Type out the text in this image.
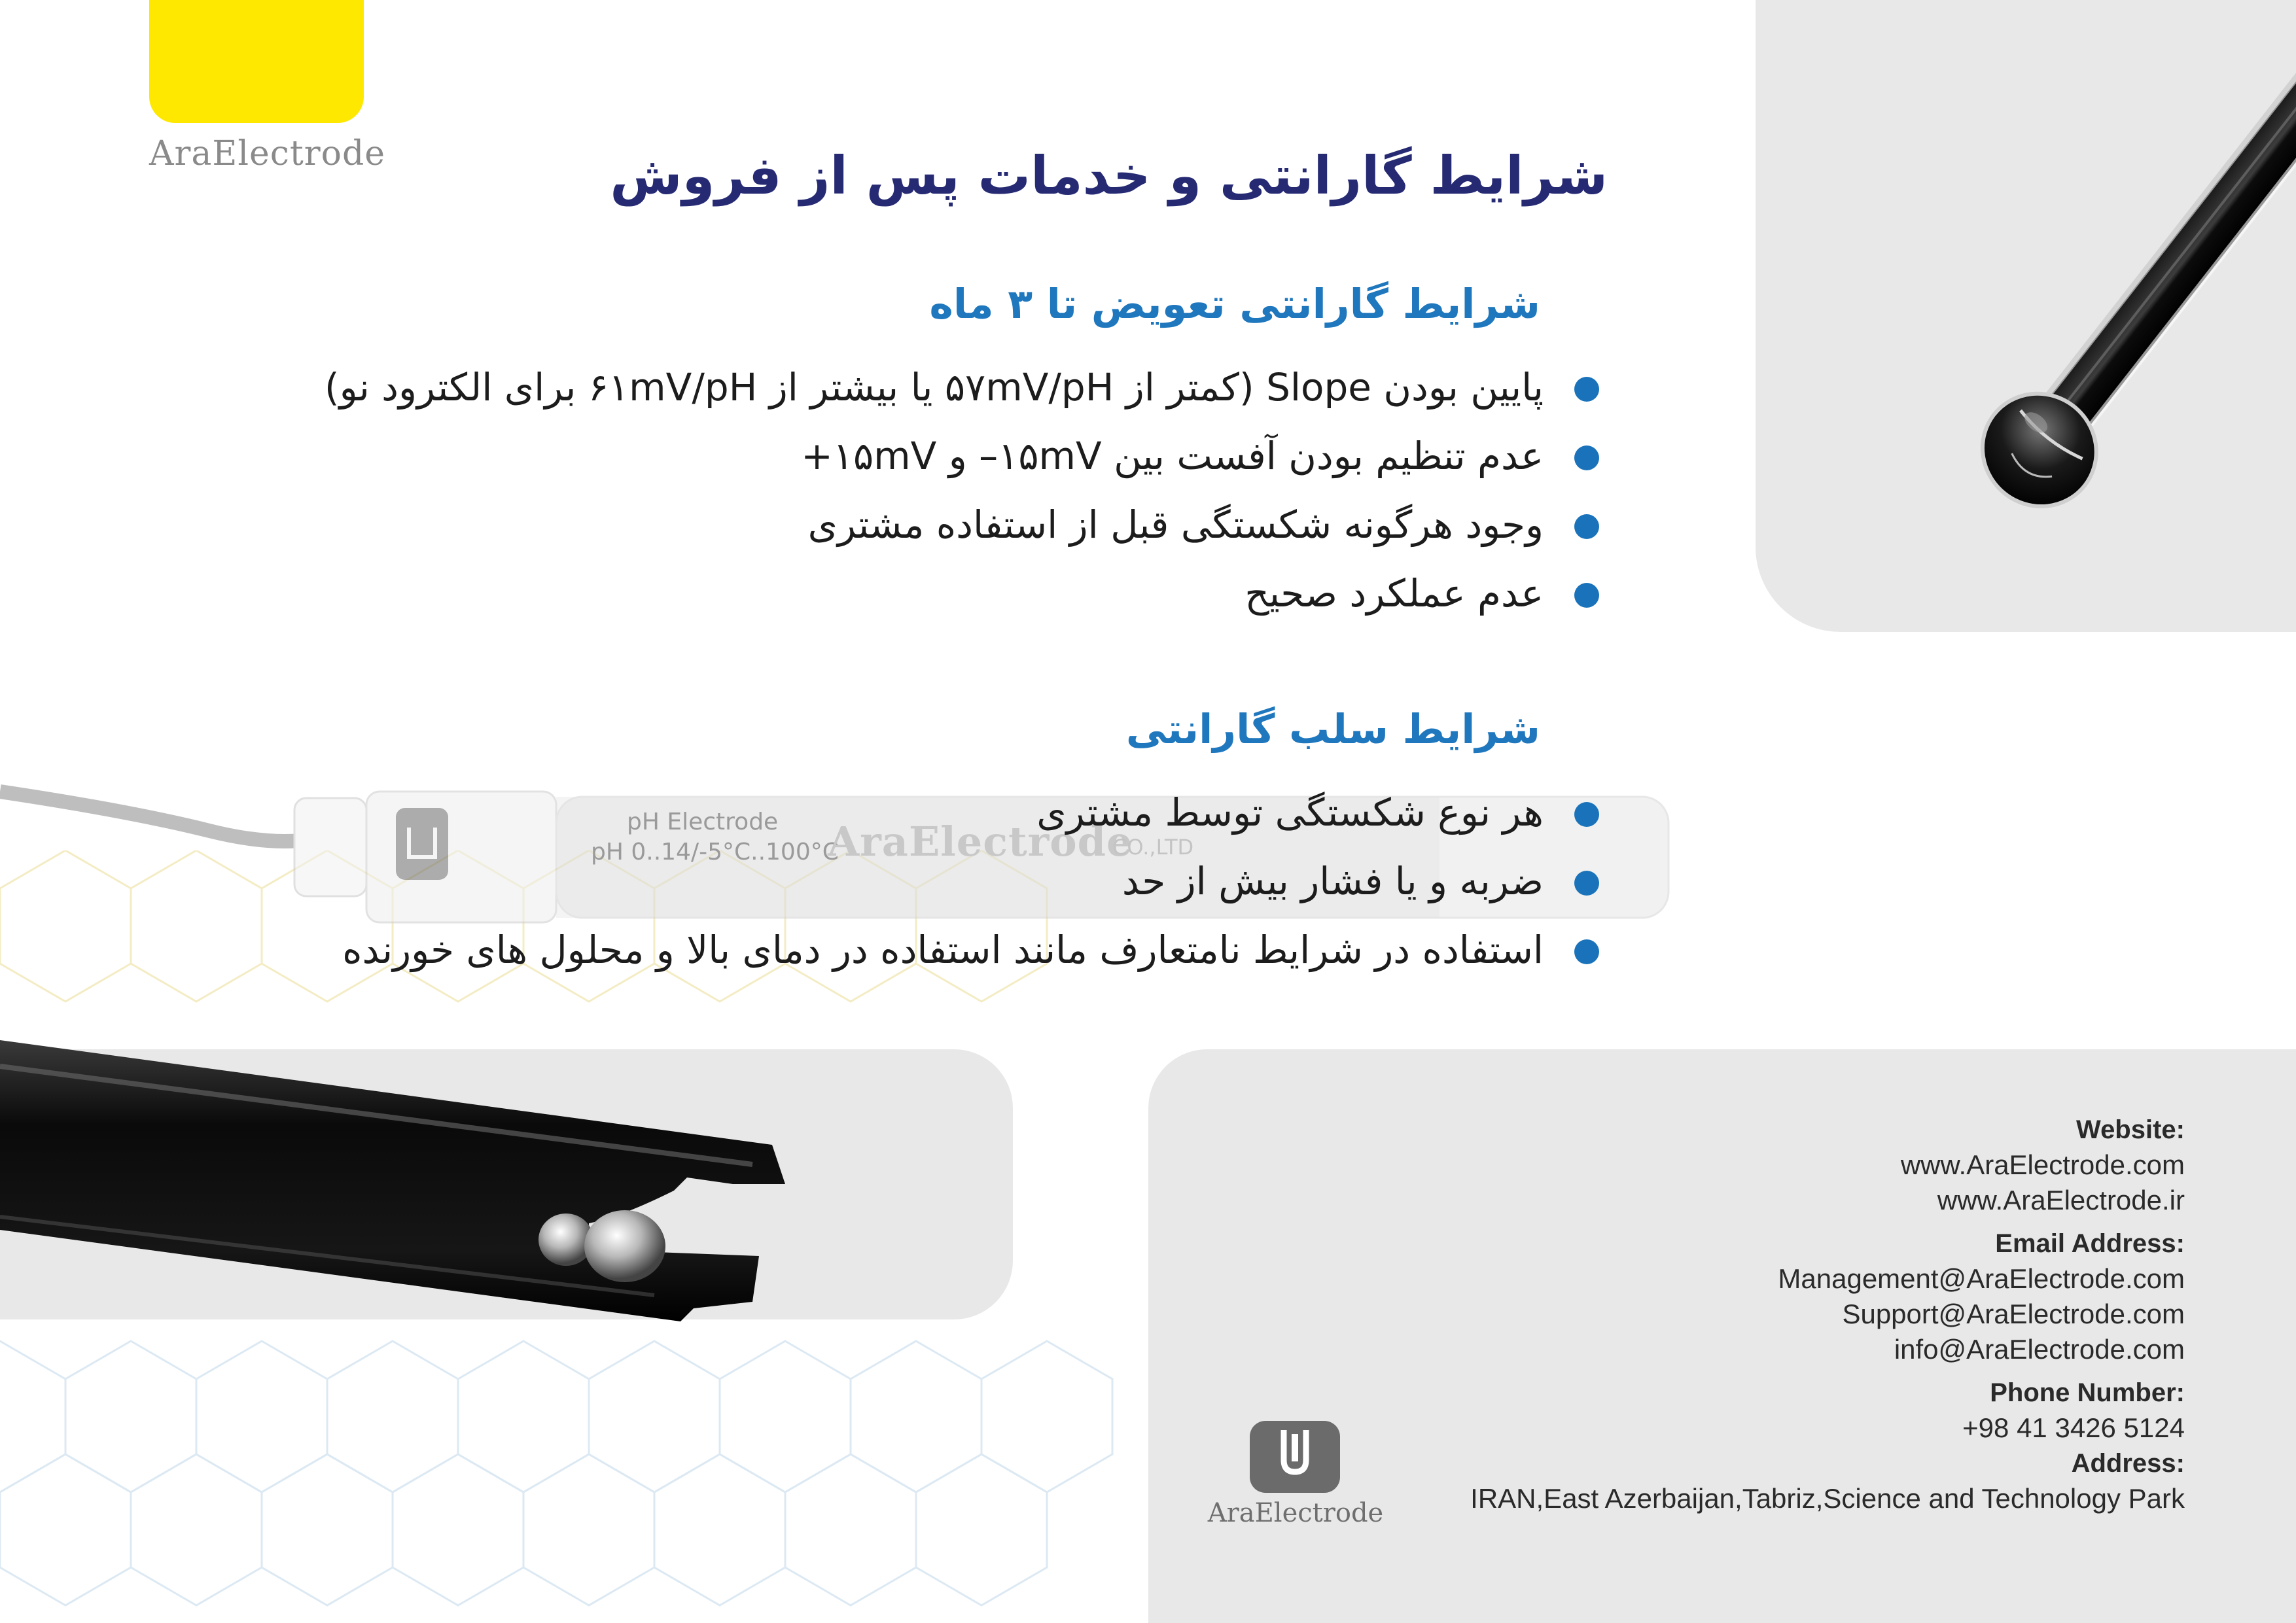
AraElectrode
pH Electrode
pH 0..14/-5°C..100°C
AraElectrode
CO.,LTD
شرایط گارانتی و خدمات پس از فروش
شرایط گارانتی تعویض تا ۳ ماه
پایین بودن Slope (کمتر از ۵۷mV/pH یا بیشتر از ۶۱mV/pH برای الکترود نو)
عدم تنظیم بودن آفست بین ۱۵mV– و ۱۵mV+
وجود هرگونه شکستگی قبل از استفاده مشتری
عدم عملکرد صحیح
شرایط سلب گارانتی
هر نوع شکستگی توسط مشتری
ضربه و یا فشار بیش از حد
استفاده در شرایط نامتعارف مانند استفاده در دمای بالا و محلول های خورنده
Website:
www.AraElectrode.com
www.AraElectrode.ir
Email Address:
Management@AraElectrode.com
Support@AraElectrode.com
info@AraElectrode.com
Phone Number:
+98 41 3426 5124
Address:
IRAN,East Azerbaijan,Tabriz,Science and Technology Park
AraElectrode
